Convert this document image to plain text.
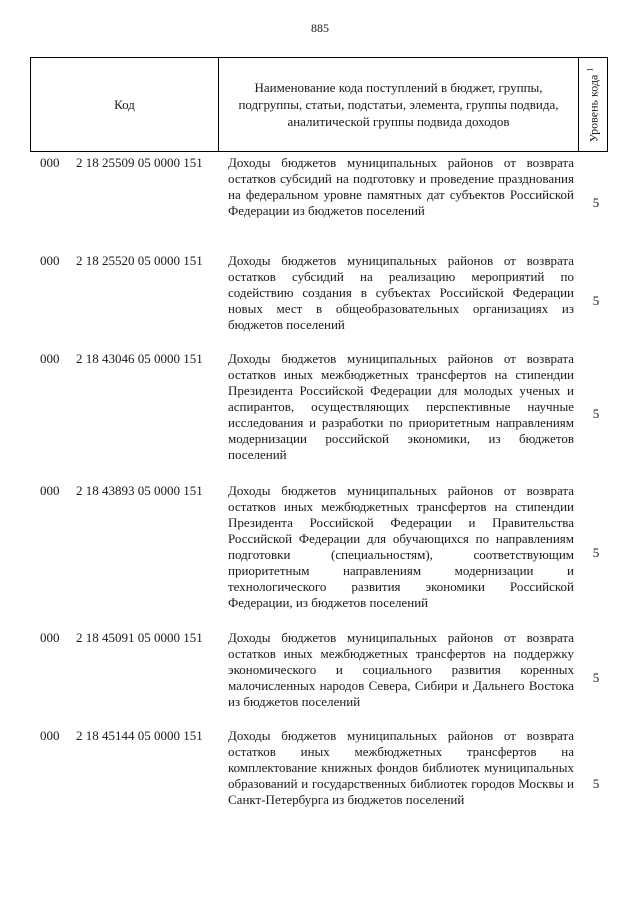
885
Код
Наименование кода поступлений в бюджет, группы, подгруппы, статьи, подстатьи, элемента, группы подвида, аналитической группы подвида доходов	Уровень кода $^1$
000 2 18 25509 05 0000 151 Доходы бюджетов муниципальных районов от возврата остатков субсидий на подготовку и проведение празднования на федеральном уровне памятных дат субъектов Российской Федерации из бюджетов поселений
5
000 2 18 25520 05 0000 151 Доходы бюджетов муниципальных районов от возврата остатков субсидий на реализацию мероприятий по содействию создания в субъектах Российской Федерации новых мест в общеобразовательных организациях из бюджетов поселений
5
000 2 18 43046 05 0000 151 Доходы бюджетов муниципальных районов от возврата остатков иных межбюджетных трансфертов на стипендии Президента Российской Федерации для молодых ученых и аспирантов, осуществляющих перспективные научные исследования и разработки по приоритетным направлениям модернизации российской экономики, из бюджетов поселений
5
000 2 18 43893 05 0000 151 Доходы бюджетов муниципальных районов от возврата остатков иных межбюджетных трансфертов на стипендии Президента Российской Федерации и Правительства Российской Федерации для обучающихся по направлениям подготовки (специальностям), соответствующим приоритетным направлениям модернизации и технологического развития экономики Российской Федерации, из бюджетов поселений
5
000 2 18 45091 05 0000 151 Доходы бюджетов муниципальных районов от возврата остатков иных межбюджетных трансфертов на поддержку экономического и социального развития коренных малочисленных народов Севера, Сибири и Дальнего Востока из бюджетов поселений
5
000 2 18 45144 05 0000 151 Доходы бюджетов муниципальных районов от возврата остатков иных межбюджетных трансфертов на комплектование книжных фондов библиотек муниципальных образований и государственных библиотек городов Москвы и Санкт-Петербурга из бюджетов поселений
5
